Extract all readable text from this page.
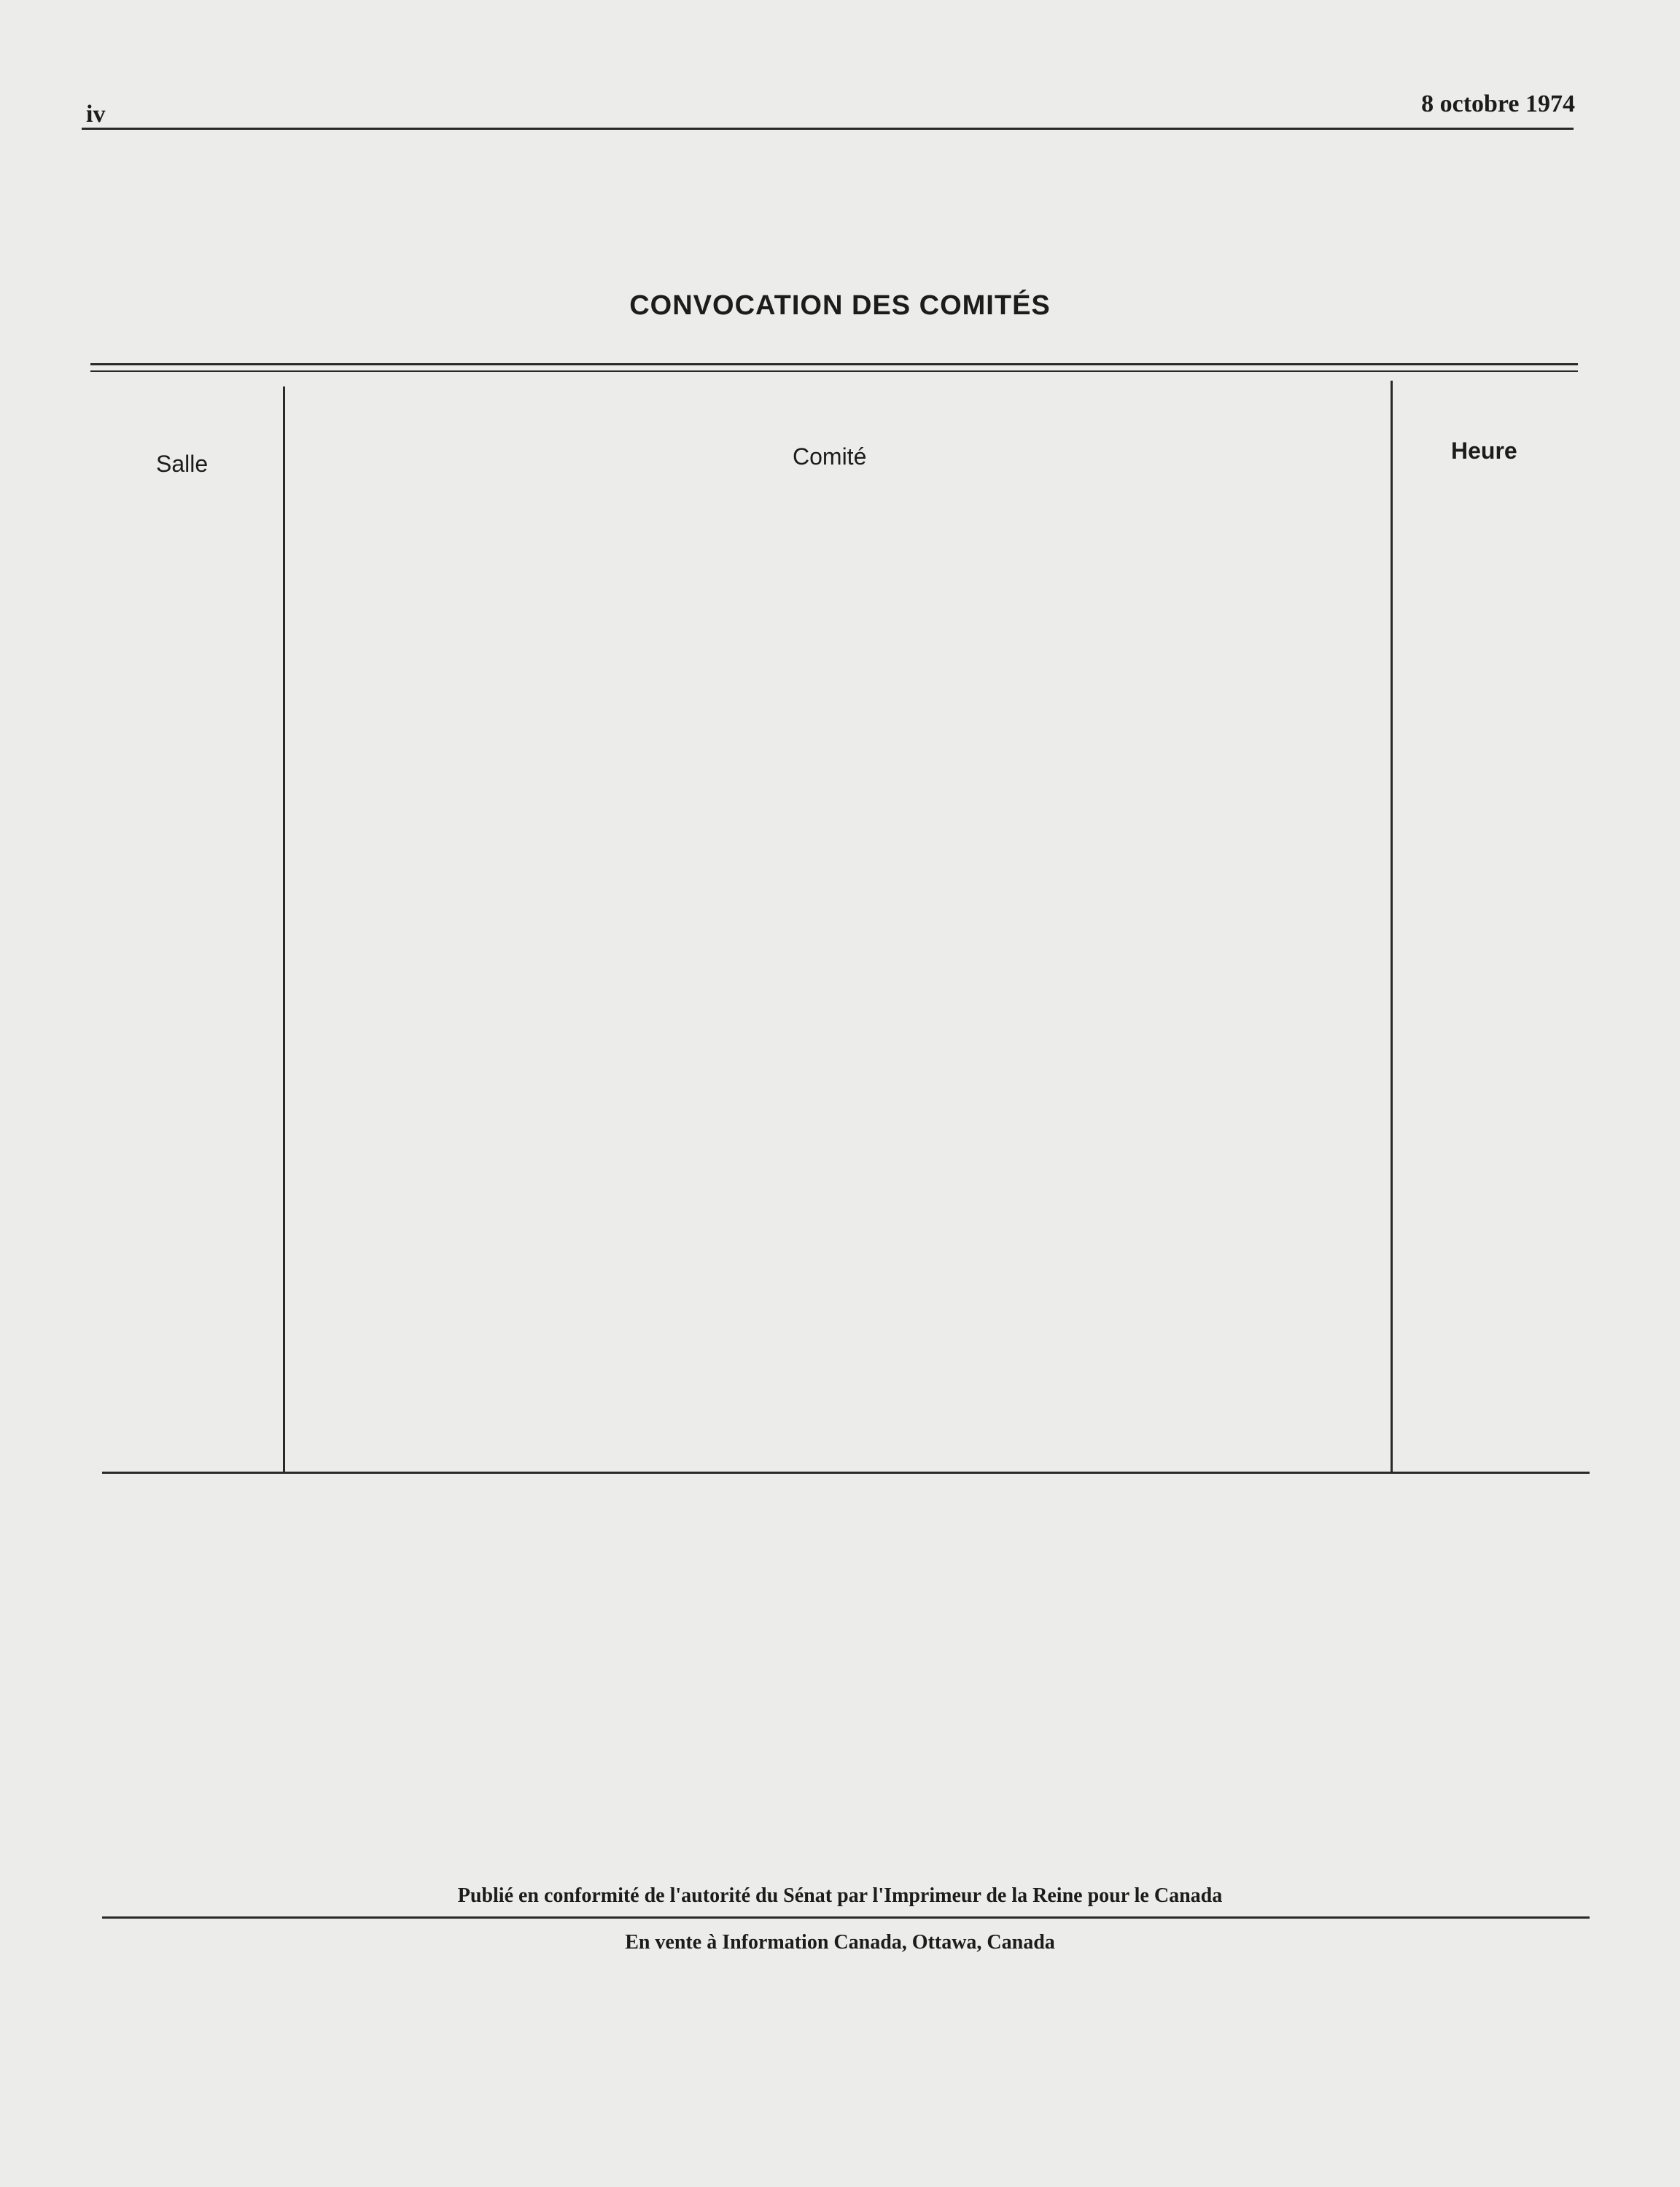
iv	8 octobre 1974
CONVOCATION DES COMITÉS
Salle	Comité	Heure
Publié en conformité de l'autorité du Sénat par l'Imprimeur de la Reine pour le Canada
En vente à Information Canada, Ottawa, Canada
